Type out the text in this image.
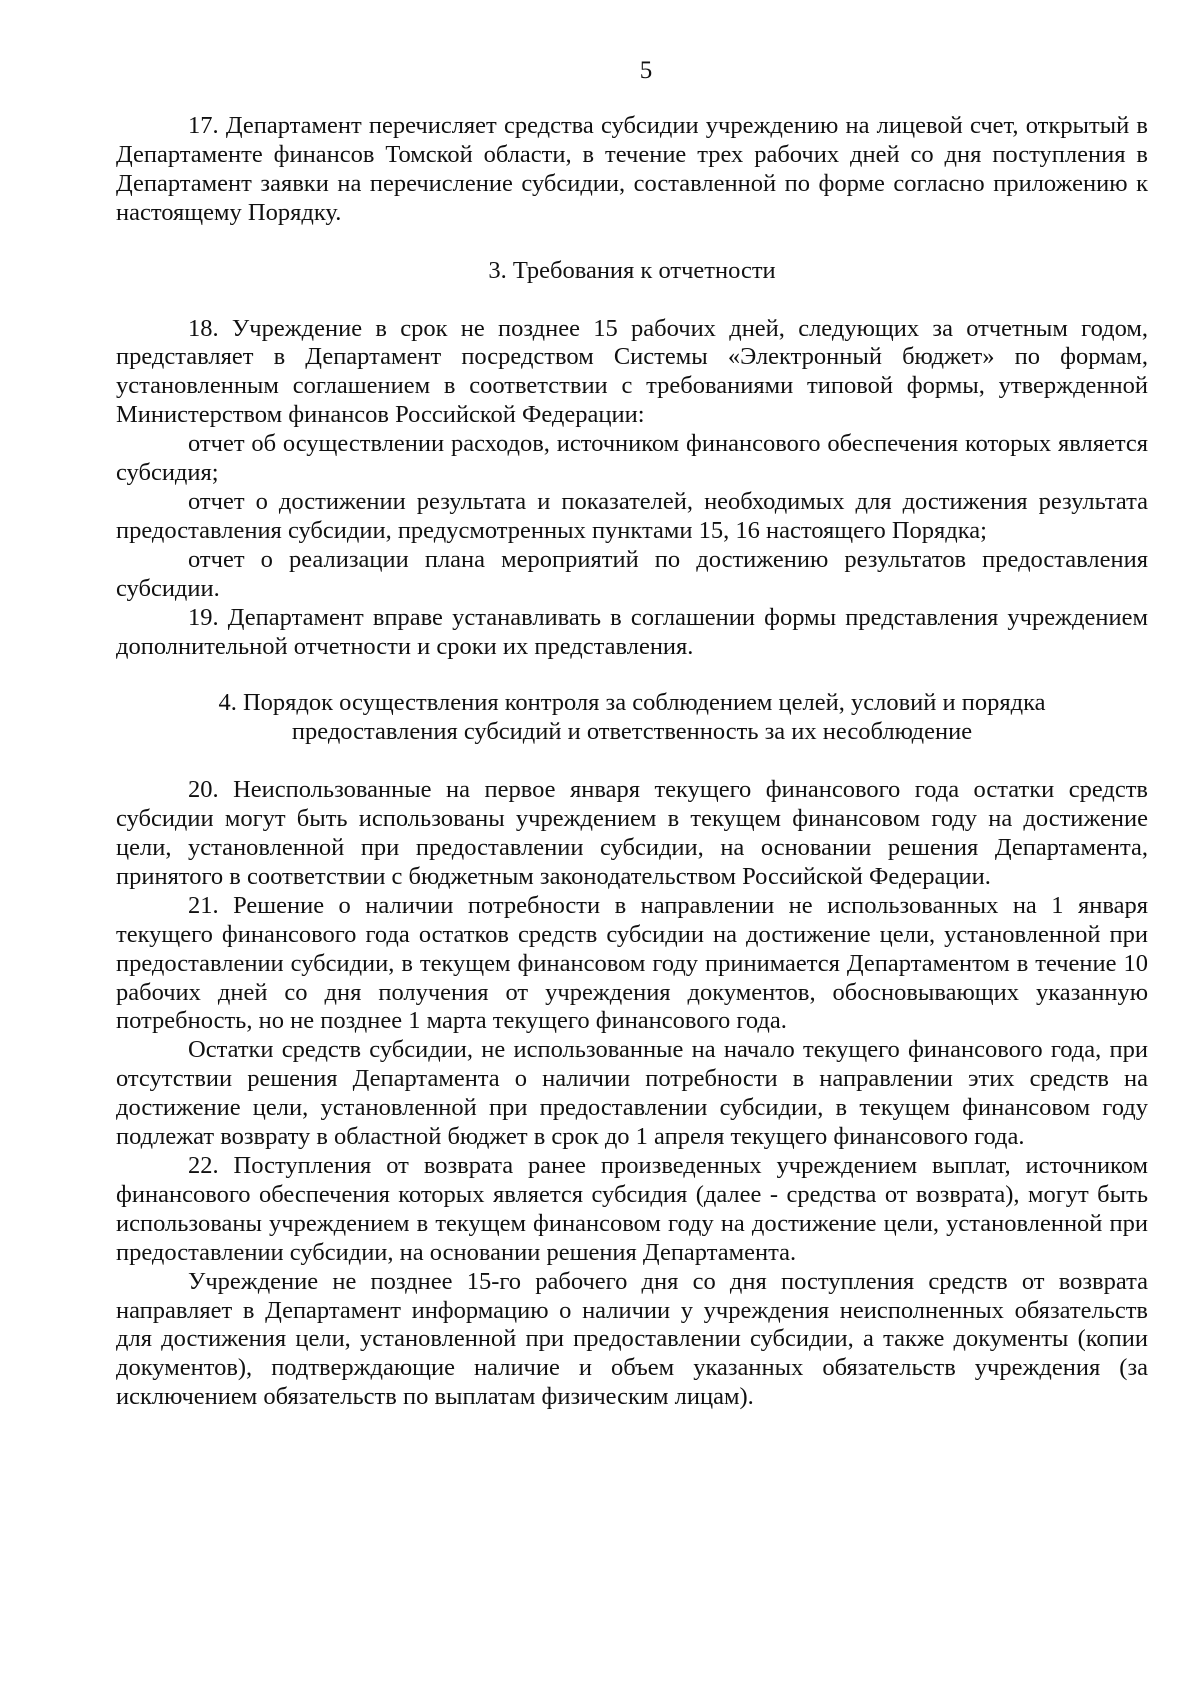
5

17. Департамент перечисляет средства субсидии учреждению на лицевой счет, открытый в Департаменте финансов Томской области, в течение трех рабочих дней со дня поступления в Департамент заявки на перечисление субсидии, составленной по форме согласно приложению к настоящему Порядку.

3. Требования к отчетности

18. Учреждение в срок не позднее 15 рабочих дней, следующих за отчетным годом, представляет в Департамент посредством Системы «Электронный бюджет» по формам, установленным соглашением в соответствии с требованиями типовой формы, утвержденной Министерством финансов Российской Федерации:

отчет об осуществлении расходов, источником финансового обеспечения которых является субсидия;

отчет о достижении результата и показателей, необходимых для достижения результата предоставления субсидии, предусмотренных пунктами 15, 16 настоящего Порядка;

отчет о реализации плана мероприятий по достижению результатов предоставления субсидии.

19. Департамент вправе устанавливать в соглашении формы представления учреждением дополнительной отчетности и сроки их представления.

4. Порядок осуществления контроля за соблюдением целей, условий и порядка
предоставления субсидий и ответственность за их несоблюдение

20. Неиспользованные на первое января текущего финансового года остатки средств субсидии могут быть использованы учреждением в текущем финансовом году на достижение цели, установленной при предоставлении субсидии, на основании решения Департамента, принятого в соответствии с бюджетным законодательством Российской Федерации.

21. Решение о наличии потребности в направлении не использованных на 1 января текущего финансового года остатков средств субсидии на достижение цели, установленной при предоставлении субсидии, в текущем финансовом году принимается Департаментом в течение 10 рабочих дней со дня получения от учреждения документов, обосновывающих указанную потребность, но не позднее 1 марта текущего финансового года.

Остатки средств субсидии, не использованные на начало текущего финансового года, при отсутствии решения Департамента о наличии потребности в направлении этих средств на достижение цели, установленной при предоставлении субсидии, в текущем финансовом году подлежат возврату в областной бюджет в срок до 1 апреля текущего финансового года.

22. Поступления от возврата ранее произведенных учреждением выплат, источником финансового обеспечения которых является субсидия (далее - средства от возврата), могут быть использованы учреждением в текущем финансовом году на достижение цели, установленной при предоставлении субсидии, на основании решения Департамента.

Учреждение не позднее 15-го рабочего дня со дня поступления средств от возврата направляет в Департамент информацию о наличии у учреждения неисполненных обязательств для достижения цели, установленной при предоставлении субсидии, а также документы (копии документов), подтверждающие наличие и объем указанных обязательств учреждения (за исключением обязательств по выплатам физическим лицам).
